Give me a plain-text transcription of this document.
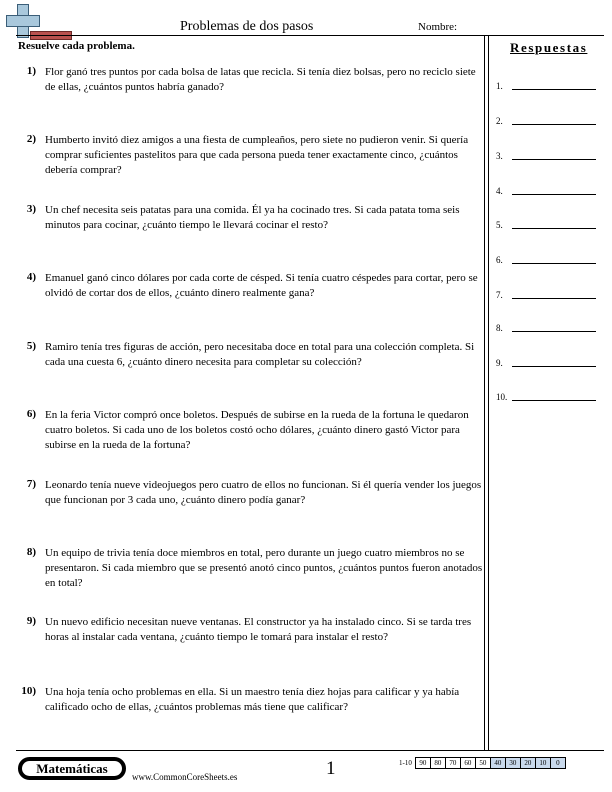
Problemas de dos pasos	Nombre:
Resuelve cada problema.	Respuestas
1.
2.
3.
4.
5.
6.
7.
8.
9.
10.
1) Flor ganó tres puntos por cada bolsa de latas que recicla. Si tenía diez bolsas, pero no reciclo siete de ellas, ¿cuántos puntos habría ganado?
2) Humberto invitó diez amigos a una fiesta de cumpleaños, pero siete no pudieron venir. Si quería comprar suficientes pastelitos para que cada persona pueda tener exactamente cinco, ¿cuántos debería comprar?
3) Un chef necesita seis patatas para una comida. Él ya ha cocinado tres. Si cada patata toma seis minutos para cocinar, ¿cuánto tiempo le llevará cocinar el resto?
4) Emanuel ganó cinco dólares por cada corte de césped. Si tenía cuatro céspedes para cortar, pero se olvidó de cortar dos de ellos, ¿cuánto dinero realmente gana?
5) Ramiro tenía tres figuras de acción, pero necesitaba doce en total para una colección completa. Si cada una cuesta 6, ¿cuánto dinero necesita para completar su colección?
6) En la feria Victor compró once boletos. Después de subirse en la rueda de la fortuna le quedaron cuatro boletos. Si cada uno de los boletos costó ocho dólares, ¿cuánto dinero gastó Victor para subirse en la rueda de la fortuna?
7) Leonardo tenía nueve videojuegos pero cuatro de ellos no funcionan. Si él quería vender los juegos que funcionan por 3 cada uno, ¿cuánto dinero podía ganar?
8) Un equipo de trivia tenía doce miembros en total, pero durante un juego cuatro miembros no se presentaron. Si cada miembro que se presentó anotó cinco puntos, ¿cuántos puntos fueron anotados en total?
9) Un nuevo edificio necesitan nueve ventanas. El constructor ya ha instalado cinco. Si se tarda tres horas al instalar cada ventana, ¿cuánto tiempo le tomará para instalar el resto?
10) Una hoja tenía ocho problemas en ella. Si un maestro tenía diez hojas para calificar y ya había calificado ocho de ellas, ¿cuántos problemas más tiene que calificar?
Matemáticas
www.CommonCoreSheets.es	1	1-10	90	80	70	60	50	40	30	20	10	0
